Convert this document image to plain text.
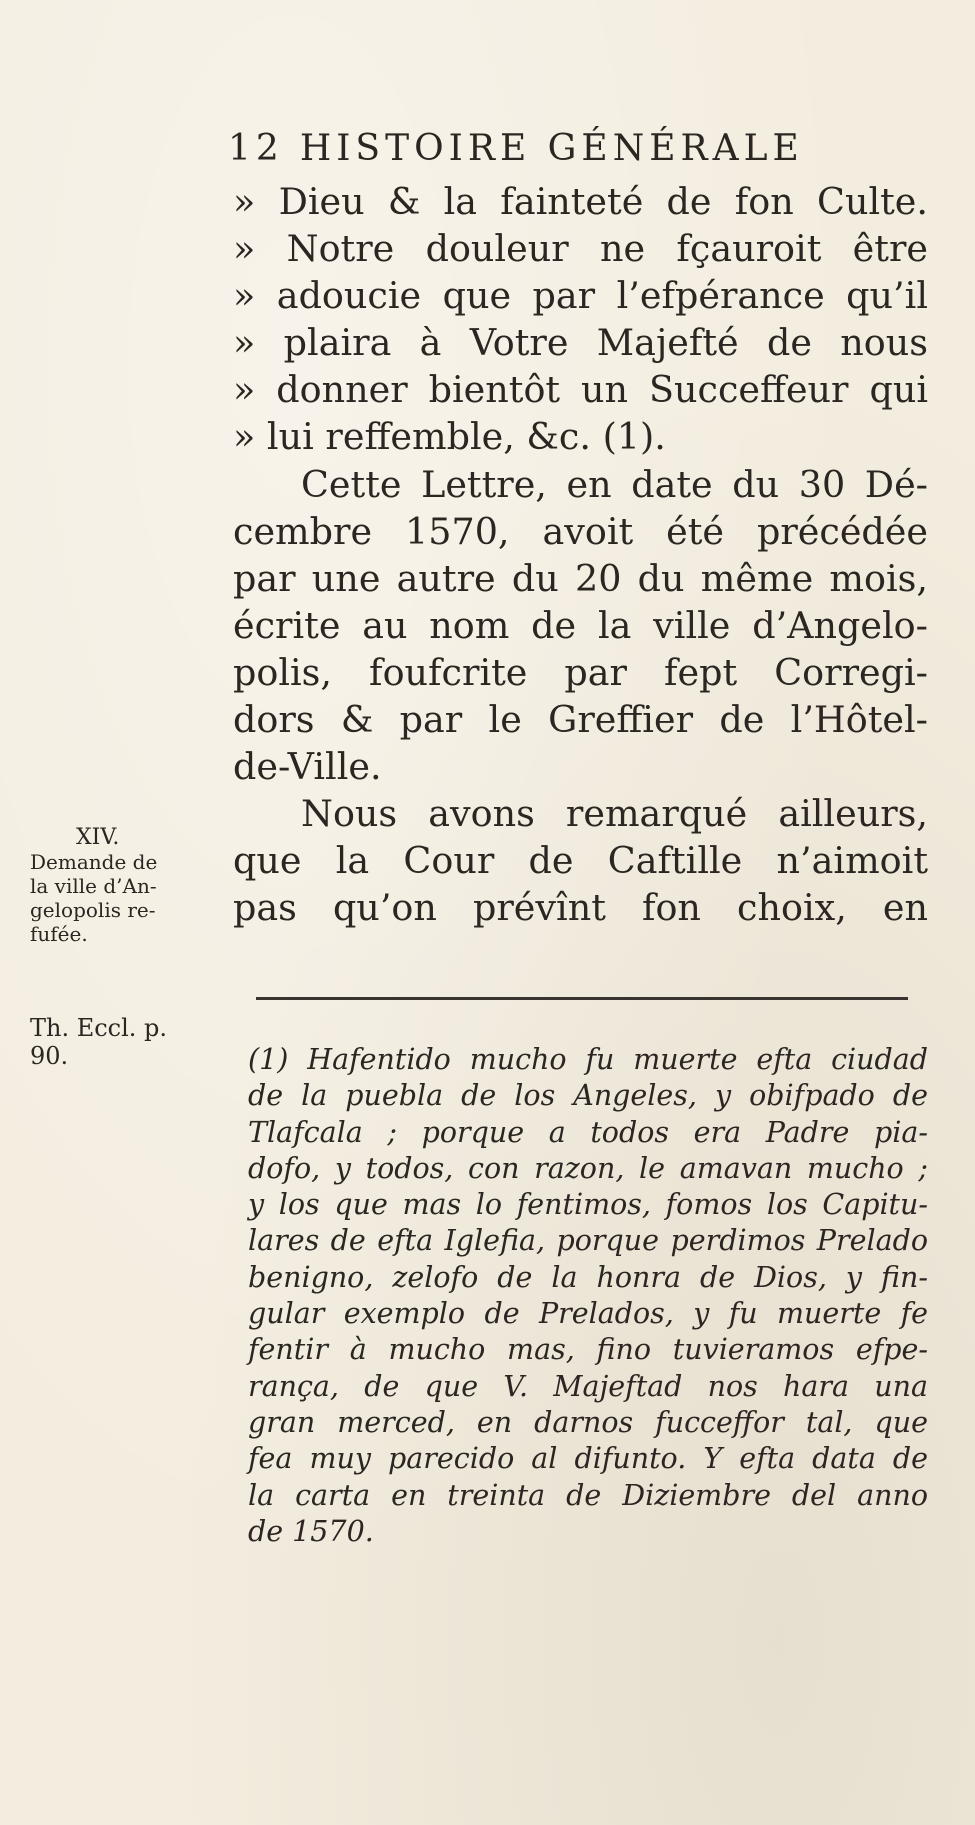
12 HISTOIRE GÉNÉRALE
» Dieu & la fainteté de fon Culte.
» Notre douleur ne fçauroit être
» adoucie que par l’efpérance qu’il
» plaira à Votre Majefté de nous
» donner bientôt un Succeffeur qui
» lui reffemble, &c. (1).
Cette Lettre, en date du 30 Dé-
cembre 1570, avoit été précédée
par une autre du 20 du même mois,
écrite au nom de la ville d’Angelo-
polis, foufcrite par fept Corregi-
dors & par le Greffier de l’Hôtel-
de-Ville.
Nous avons remarqué ailleurs,
que la Cour de Caftille n’aimoit
pas qu’on prévînt fon choix, en
XIV.
Demande de
la ville d’An-
gelopolis re-
fufée.
Th. Eccl. p.
90.	(1) Hafentido mucho fu muerte efta ciudad
de la puebla de los Angeles, y obifpado de
Tlafcala ; porque a todos era Padre pia-
dofo, y todos, con razon, le amavan mucho ;
y los que mas lo fentimos, fomos los Capitu-
lares de efta Iglefia, porque perdimos Prelado
benigno, zelofo de la honra de Dios, y fin-
gular exemplo de Prelados, y fu muerte fe
fentir à mucho mas, fino tuvieramos efpe-
rança, de que V. Majeftad nos hara una
gran merced, en darnos fucceffor tal, que
fea muy parecido al difunto. Y efta data de
la carta en treinta de Diziembre del anno
de 1570.
